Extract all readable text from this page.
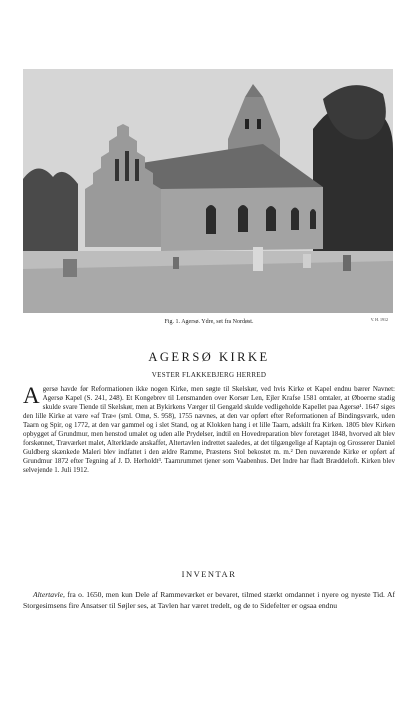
V. H. 1912
Fig. 1. Agersø. Ydre, set fra Nordøst.
AGERSØ KIRKE
VESTER FLAKKEBJERG HERRED
Agersø havde før Reformationen ikke nogen Kirke, men søgte til Skelskør, ved hvis Kirke et Kapel endnu bærer Navnet: Agersø Kapel (S. 241, 248). Et Kongebrev til Lensmanden over Korsør Len, Ejler Krafse 1581 omtaler, at Øboerne stadig skulde svare Tiende til Skelskør, men at Bykirkens Værger til Gengæld skulde vedligeholde Kapellet paa Agersø¹. 1647 siges den lille Kirke at være »af Træ« (sml. Omø, S. 958), 1755 nævnes, at den var opført efter Reformationen af Bindingsværk, uden Taarn og Spir, og 1772, at den var gammel og i slet Stand, og at Klokken hang i et lille Taarn, adskilt fra Kirken. 1805 blev Kirken opbygget af Grundmur, men henstod umalet og uden alle Prydelser, indtil en Hovedreparation blev foretaget 1848, hvorved alt blev forskønnet, Træværket malet, Alterklæde anskaffet, Altertavlen indrettet saaledes, at det tilgængelige af Kaptajn og Grosserer Daniel Guldberg skænkede Maleri blev indfattet i den ældre Ramme, Præstens Stol bekostet m. m.² Den nuværende Kirke er opført af Grundmur 1872 efter Tegning af J. D. Herholdt³. Taarnrummet tjener som Vaabenhus. Det Indre har fladt Bræddeloft. Kirken blev selvejende 1. Juli 1912.
INVENTAR
Altertavle, fra o. 1650, men kun Dele af Rammeværket er bevaret, tilmed stærkt omdannet i nyere og nyeste Tid. Af Storgesimsens fire Ansatser til Søjler ses, at Tavlen har været tredelt, og de to Sidefelter er ogsaa endnu
